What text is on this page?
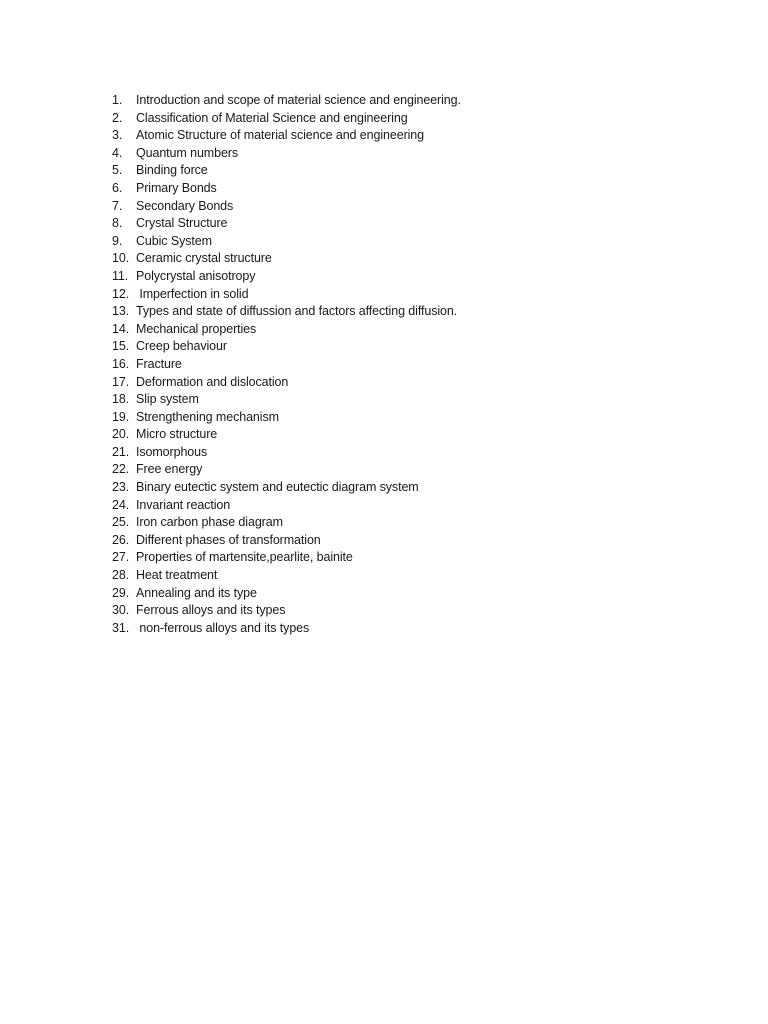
1.	Introduction and scope of material science and engineering.
2.	Classification of Material Science and engineering
3.	Atomic Structure of material science and engineering
4.	Quantum numbers
5.	Binding force
6.	Primary Bonds
7.	Secondary Bonds
8.	Crystal Structure
9.	Cubic System
10. Ceramic crystal structure
11. Polycrystal anisotropy
12. Imperfection in solid
13. Types and state of diffussion and factors affecting diffusion.
14. Mechanical properties
15. Creep behaviour
16. Fracture
17. Deformation and dislocation
18. Slip system
19. Strengthening mechanism
20. Micro structure
21. Isomorphous
22. Free energy
23. Binary eutectic system and eutectic diagram system
24. Invariant reaction
25. Iron carbon phase diagram
26. Different phases of transformation
27. Properties of martensite,pearlite, bainite
28. Heat treatment
29. Annealing and its type
30. Ferrous alloys and its types
31. non-ferrous alloys and its types
